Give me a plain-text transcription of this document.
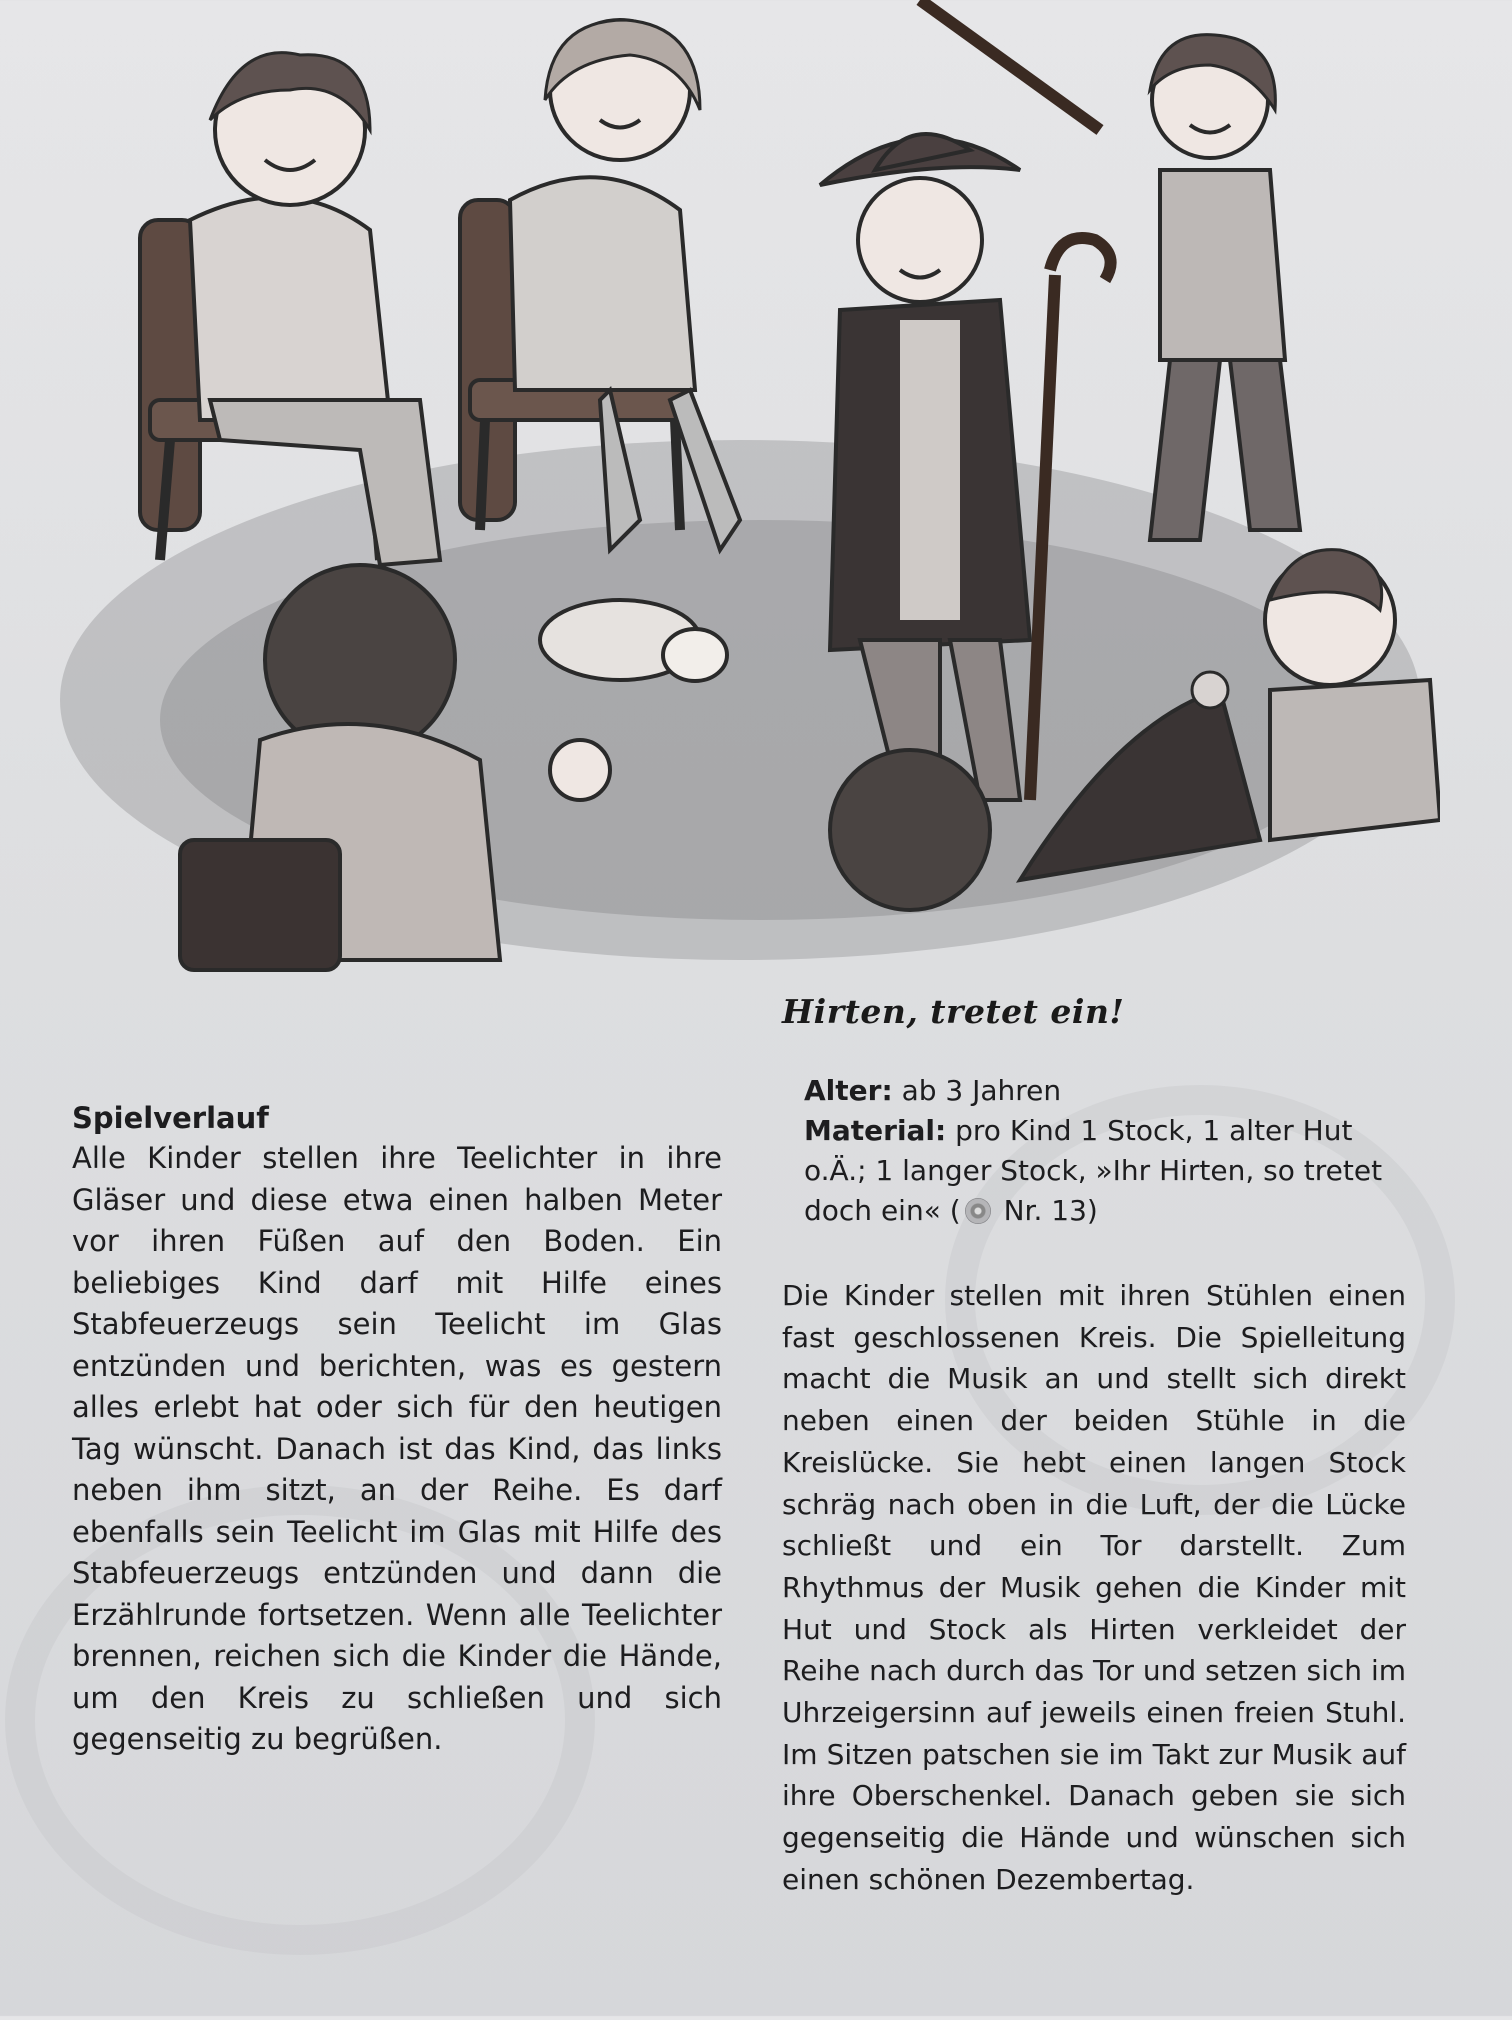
Spielverlauf

Alle Kinder stellen ihre Teelichter in ihre Gläser und diese etwa einen halben Meter vor ihren Füßen auf den Boden. Ein beliebiges Kind darf mit Hilfe eines Stabfeuerzeugs sein Teelicht im Glas entzünden und berichten, was es gestern alles erlebt hat oder sich für den heutigen Tag wünscht. Danach ist das Kind, das links neben ihm sitzt, an der Reihe. Es darf ebenfalls sein Teelicht im Glas mit Hilfe des Stabfeuerzeugs entzünden und dann die Erzählrunde fortsetzen. Wenn alle Teelichter brennen, reichen sich die Kinder die Hände, um den Kreis zu schließen und sich gegenseitig zu begrüßen.

Hirten, tretet ein!
Alter: ab 3 Jahren
Material: pro Kind 1 Stock, 1 alter Hut o.Ä.; 1 langer Stock, »Ihr Hirten, so tretet doch ein« ( Nr. 13)

Die Kinder stellen mit ihren Stühlen einen fast geschlossenen Kreis. Die Spielleitung macht die Musik an und stellt sich direkt neben einen der beiden Stühle in die Kreislücke. Sie hebt einen langen Stock schräg nach oben in die Luft, der die Lücke schließt und ein Tor darstellt. Zum Rhythmus der Musik gehen die Kinder mit Hut und Stock als Hirten verkleidet der Reihe nach durch das Tor und setzen sich im Uhrzeigersinn auf jeweils einen freien Stuhl. Im Sitzen patschen sie im Takt zur Musik auf ihre Oberschenkel. Danach geben sie sich gegenseitig die Hände und wünschen sich einen schönen Dezembertag.
